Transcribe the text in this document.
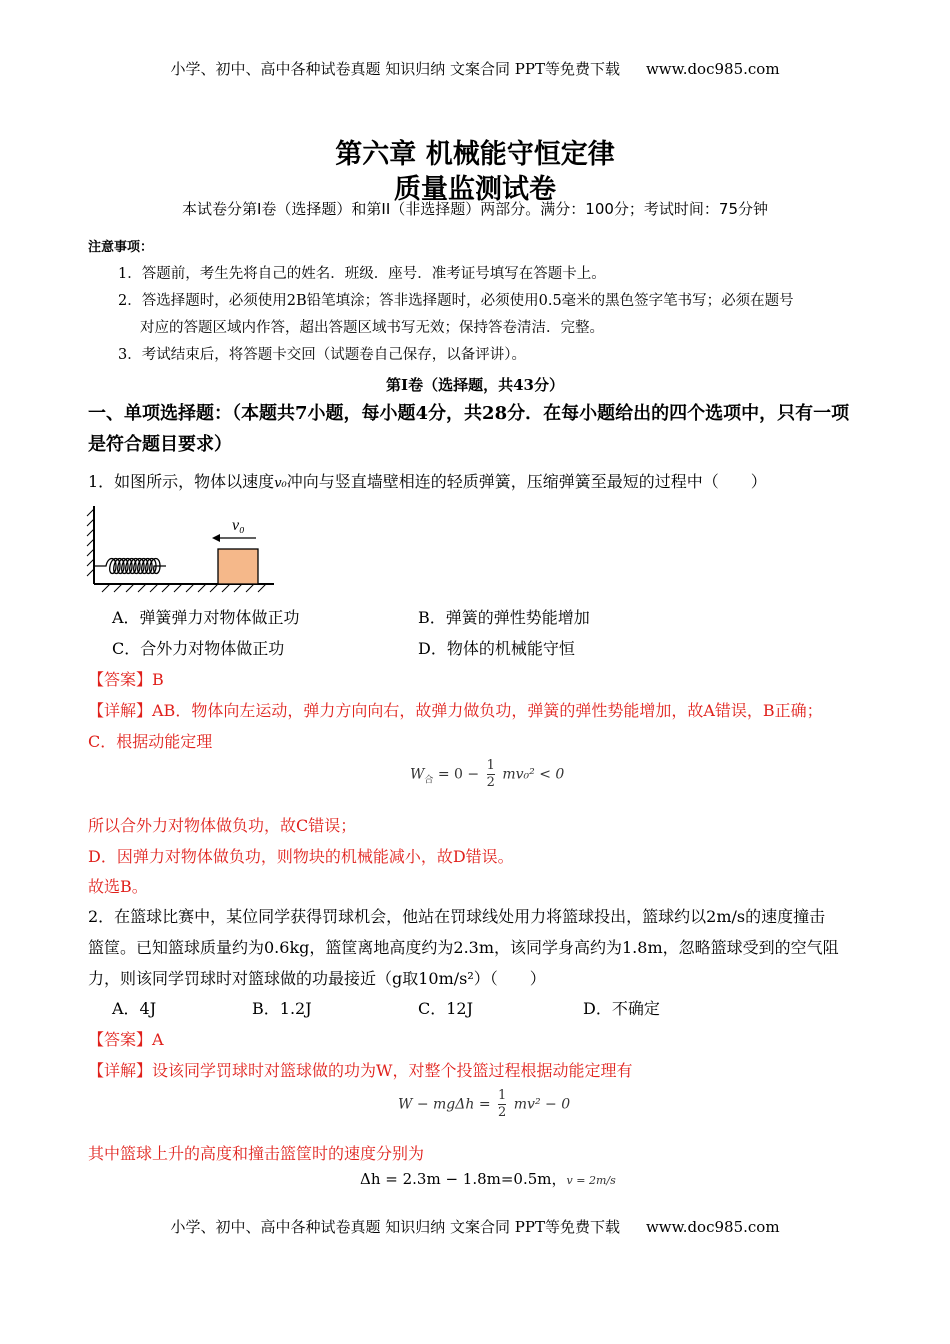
小学、初中、高中各种试卷真题 知识归纳 文案合同 PPT等免费下载 www.doc985.com
第六章 机械能守恒定律
质量监测试卷
本试卷分第I卷（选择题）和第II（非选择题）两部分。满分：100分；考试时间：75分钟
注意事项：
1．答题前，考生先将自己的姓名．班级．座号．准考证号填写在答题卡上。
2．答选择题时，必须使用2B铅笔填涂；答非选择题时，必须使用0.5毫米的黑色签字笔书写；必须在题号
对应的答题区域内作答，超出答题区域书写无效；保持答卷清洁．完整。
3．考试结束后，将答题卡交回（试题卷自己保存，以备评讲）。
第I卷（选择题，共43分）
一、单项选择题：（本题共7小题，每小题4分，共28分．在每小题给出的四个选项中，只有一项是符合题目要求）
1．如图所示，物体以速度v₀冲向与竖直墙壁相连的轻质弹簧，压缩弹簧至最短的过程中（　　）
v₀
A．弹簧弹力对物体做正功	B．弹簧的弹性势能增加
C．合外力对物体做正功	D．物体的机械能守恒
【答案】B
【详解】AB．物体向左运动，弹力方向向右，故弹力做负功，弹簧的弹性势能增加，故A错误，B正确；
C．根据动能定理
$W_合 = 0 - \frac{1}{2} mv_0^2 < 0$
所以合外力对物体做负功，故C错误；
D．因弹力对物体做负功，则物块的机械能减小，故D错误。
故选B。
2．在篮球比赛中，某位同学获得罚球机会，他站在罚球线处用力将篮球投出，篮球约以2m/s的速度撞击
篮筐。已知篮球质量约为0.6kg，篮筐离地高度约为2.3m，该同学身高约为1.8m，忽略篮球受到的空气阻
力，则该同学罚球时对篮球做的功最接近（g取10m/s²）（　　）
A．4J	B．1.2J	C．12J	D．不确定
【答案】A
【详解】设该同学罚球时对篮球做的功为W，对整个投篮过程根据动能定理有
$W - mg\Delta h = \frac{1}{2} mv^2 - 0$
其中篮球上升的高度和撞击篮筐时的速度分别为
Δh = 2.3m − 1.8m=0.5m，v = 2m/s
小学、初中、高中各种试卷真题 知识归纳 文案合同 PPT等免费下载 www.doc985.com
